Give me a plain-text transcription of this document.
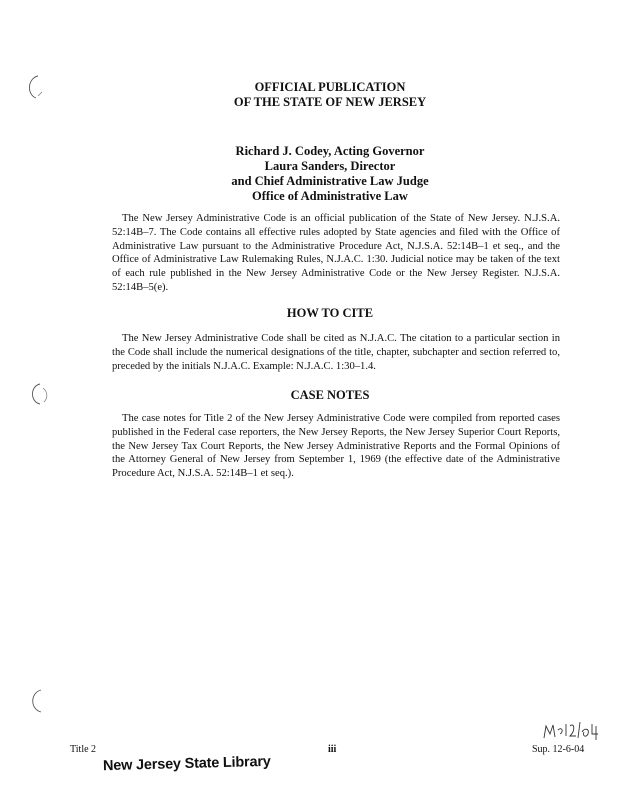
OFFICIAL PUBLICATION
OF THE STATE OF NEW JERSEY
Richard J. Codey, Acting Governor
Laura Sanders, Director
and Chief Administrative Law Judge
Office of Administrative Law

The New Jersey Administrative Code is an official publication of the State of New Jersey. N.J.S.A. 52:14B–7. The Code contains all effective rules adopted by State agencies and filed with the Office of Administrative Law pursuant to the Administrative Procedure Act, N.J.S.A. 52:14B–1 et seq., and the Office of Administrative Law Rulemaking Rules, N.J.A.C. 1:30. Judicial notice may be taken of the text of each rule published in the New Jersey Administrative Code or the New Jersey Register. N.J.S.A. 52:14B–5(e).

HOW TO CITE

The New Jersey Administrative Code shall be cited as N.J.A.C. The citation to a particular section in the Code shall include the numerical designations of the title, chapter, subchapter and section referred to, preceded by the initials N.J.A.C. Example: N.J.A.C. 1:30–1.4.

CASE NOTES

The case notes for Title 2 of the New Jersey Administrative Code were compiled from reported cases published in the Federal case reporters, the New Jersey Reports, the New Jersey Superior Court Reports, the New Jersey Tax Court Reports, the New Jersey Administrative Reports and the Formal Opinions of the Attorney General of New Jersey from September 1, 1969 (the effective date of the Administrative Procedure Act, N.J.S.A. 52:14B–1 et seq.).

Title 2	iii	Sup. 12-6-04
New Jersey State Library
